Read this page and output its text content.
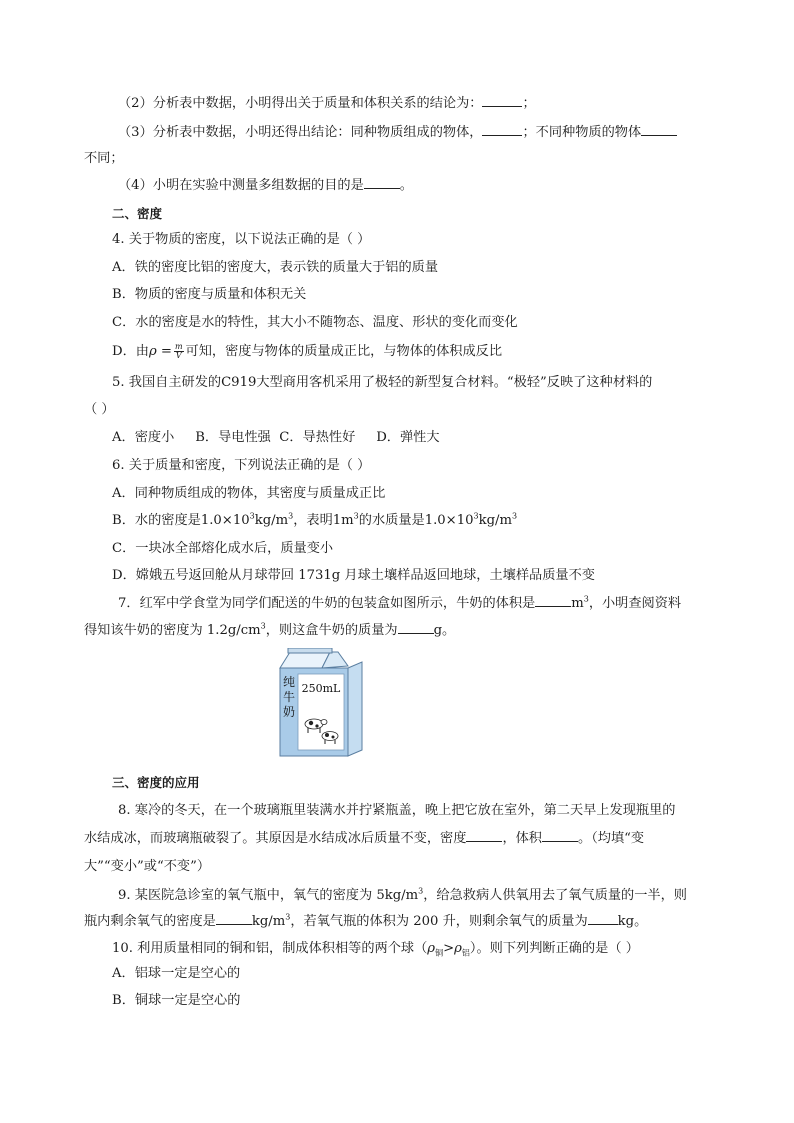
（2）分析表中数据，小明得出关于质量和体积关系的结论为：	；
（3）分析表中数据，小明还得出结论：同种物质组成的物体，	；不同种物质的物体
不同；
（4）小明在实验中测量多组数据的目的是	。
二、密度
4. 关于物质的密度，以下说法正确的是（ ）
A．铁的密度比铝的密度大，表示铁的质量大于铝的质量
B．物质的密度与质量和体积无关
C．水的密度是水的特性，其大小不随物态、温度、形状的变化而变化
D．由$\rho = \frac{m}{V}$ 可知，密度与物体的质量成正比，与物体的体积成反比
5. 我国自主研发的C919大型商用客机采用了极轻的新型复合材料。“极轻”反映了这种材料的
（ ）
A．密度小     B．导电性强  C．导热性好     D．弹性大
6. 关于质量和密度，下列说法正确的是（ ）
A．同种物质组成的物体，其密度与质量成正比
B．水的密度是$1.0\times 10^3kg/m^3$，表明$1m^3$的水质量是$1.0\times 10^3kg/m^3$
C．一块冰全部熔化成水后，质量变小
D．嫦娥五号返回舱从月球带回 1731g 月球土壤样品返回地球，土壤样品质量不变
7．红军中学食堂为同学们配送的牛奶的包装盒如图所示，牛奶的体积是	$m^3$，小明查阅资料
得知该牛奶的密度为 $1.2g/cm^3$，则这盒牛奶的质量为	g。
纯
牛
奶
250mL
三、密度的应用
8. 寒冷的冬天，在一个玻璃瓶里装满水并拧紧瓶盖，晚上把它放在室外，第二天早上发现瓶里的
水结成冰，而玻璃瓶破裂了。其原因是水结成冰后质量不变，密度	，体积	。（均填“变
大”“变小”或“不变”）
9. 某医院急诊室的氧气瓶中，氧气的密度为 $5kg/m^3$，给急救病人供氧用去了氧气质量的一半，则
瓶内剩余氧气的密度是	$kg/m^3$，若氧气瓶的体积为 200 升，则剩余氧气的质量为 kg。
10. 利用质量相同的铜和铝，制成体积相等的两个球$(\rho_铜>\rho_铝)$。则下列判断正确的是（ ）
A．铝球一定是空心的
B．铜球一定是空心的
